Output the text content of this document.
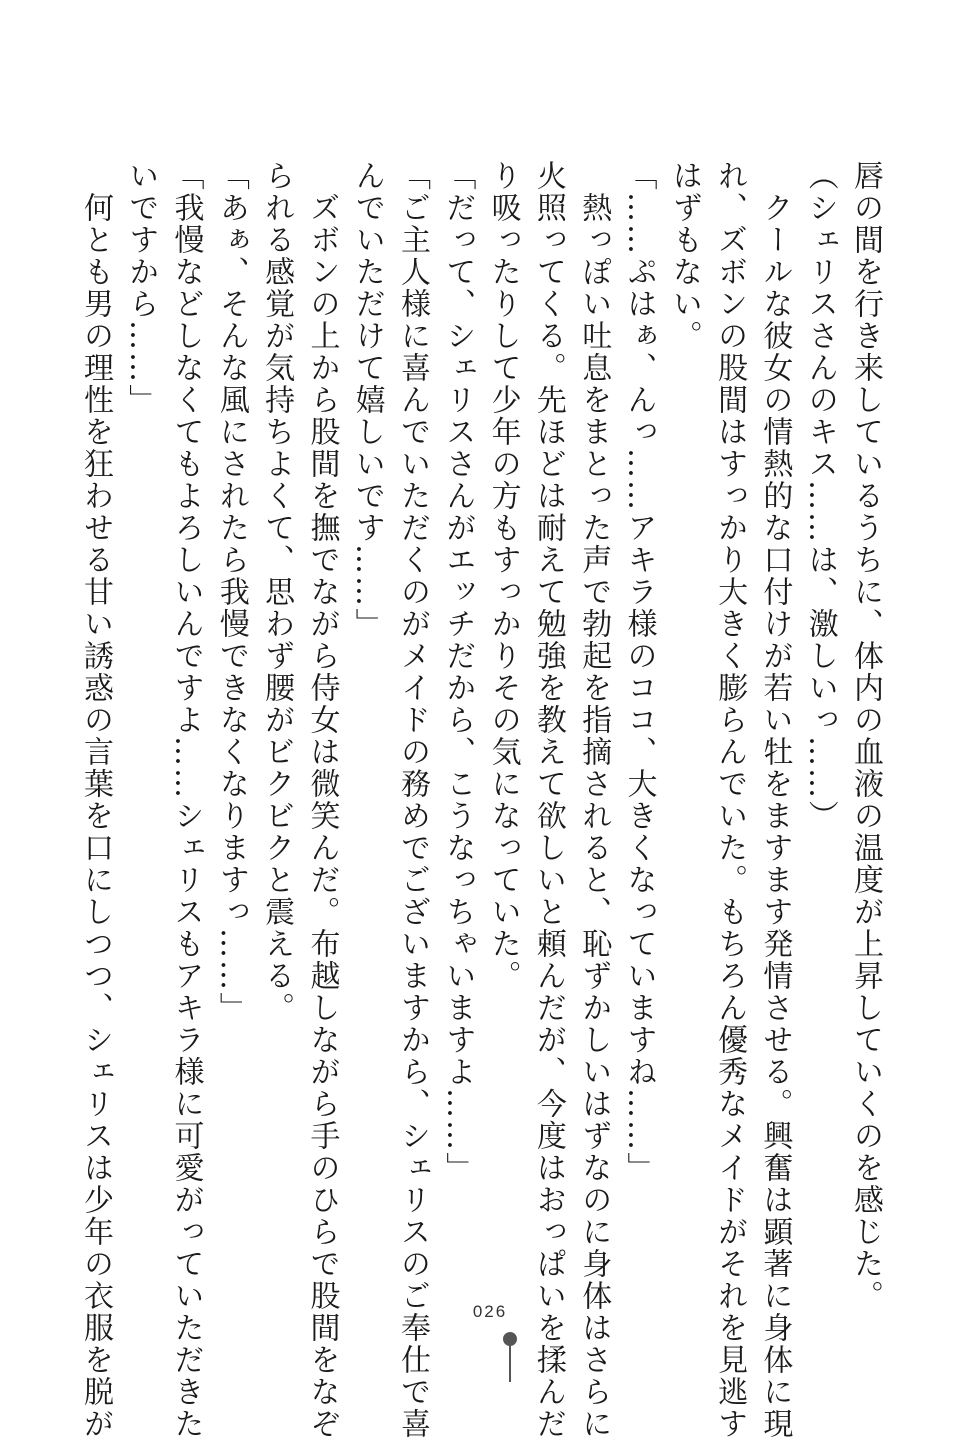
唇の間を行き来しているうちに、体内の血液の温度が上昇していくのを感じた。
（シェリスさんのキス……は、激しいっ……）
　クールな彼女の情熱的な口付けが若い牡をますます発情させる。興奮は顕著に身体に現
れ、ズボンの股間はすっかり大きく膨らんでいた。もちろん優秀なメイドがそれを見逃す
はずもない。
「……ぷはぁ、んっ……アキラ様のココ、大きくなっていますね……」
　熱っぽい吐息をまとった声で勃起を指摘されると、恥ずかしいはずなのに身体はさらに
火照ってくる。先ほどは耐えて勉強を教えて欲しいと頼んだが、今度はおっぱいを揉んだ
り吸ったりして少年の方もすっかりその気になっていた。
「だって、シェリスさんがエッチだから、こうなっちゃいますよ……」
「ご主人様に喜んでいただくのがメイドの務めでございますから、シェリスのご奉仕で喜
んでいただけて嬉しいです……」
　ズボンの上から股間を撫でながら侍女は微笑んだ。布越しながら手のひらで股間をなぞ
られる感覚が気持ちよくて、思わず腰がビクビクと震える。
「あぁ、そんな風にされたら我慢できなくなりますっ……」
「我慢などしなくてもよろしいんですよ……シェリスもアキラ様に可愛がっていただきた
いですから……」
　何とも男の理性を狂わせる甘い誘惑の言葉を口にしつつ、シェリスは少年の衣服を脱が	026
